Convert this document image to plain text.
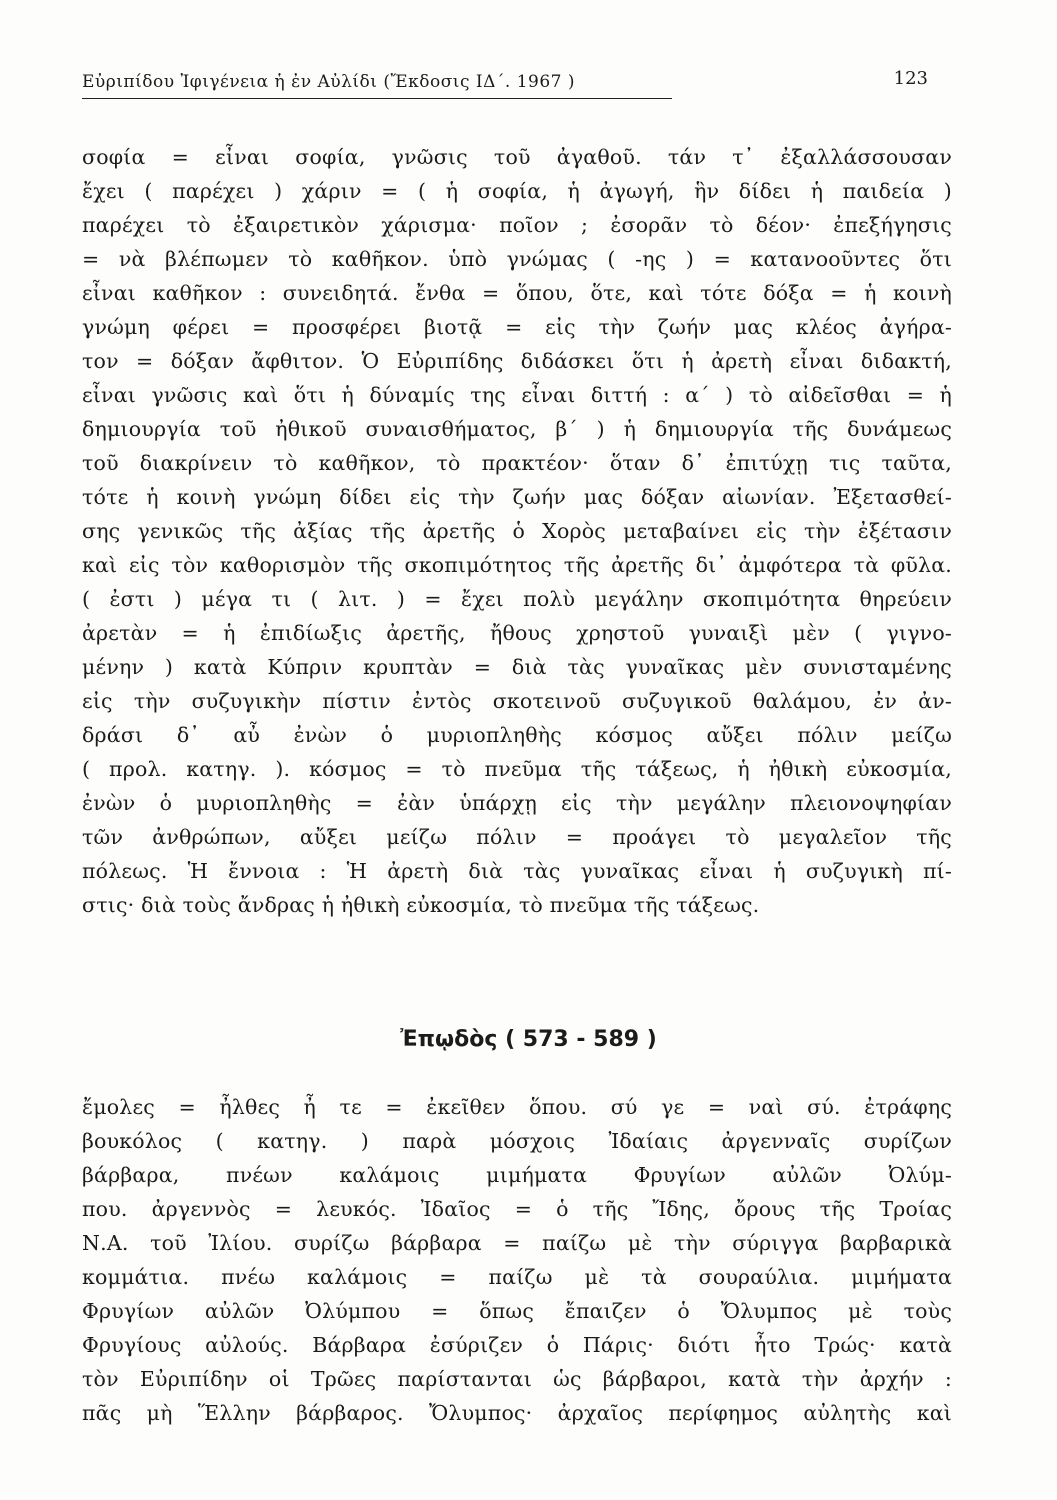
Εὐριπίδου Ἰφιγένεια ἡ ἐν Αὐλίδι (Ἔκδοσις ΙΔ΄. 1967 )	123
σοφία = εἶναι σοφία, γνῶσις τοῦ ἀγαθοῦ. τάν τ᾿ ἐξαλλάσσουσαν
ἔχει ( παρέχει ) χάριν = ( ἡ σοφία, ἡ ἀγωγή, ἣν δίδει ἡ παιδεία )
παρέχει τὸ ἐξαιρετικὸν χάρισμα· ποῖον ; ἐσορᾶν τὸ δέον· ἐπεξήγησις
= νὰ βλέπωμεν τὸ καθῆκον. ὑπὸ γνώμας ( -ης ) = κατανοοῦντες ὅτι
εἶναι καθῆκον : συνειδητά. ἔνθα = ὅπου, ὅτε, καὶ τότε δόξα = ἡ κοινὴ
γνώμη φέρει = προσφέρει βιοτᾷ = εἰς τὴν ζωήν μας κλέος ἀγήρα-
τον = δόξαν ἄφθιτον. Ὁ Εὐριπίδης διδάσκει ὅτι ἡ ἀρετὴ εἶναι διδακτή,
εἶναι γνῶσις καὶ ὅτι ἡ δύναμίς της εἶναι διττή : α΄ ) τὸ αἰδεῖσθαι = ἡ
δημιουργία τοῦ ἠθικοῦ συναισθήματος, β΄ ) ἡ δημιουργία τῆς δυνάμεως
τοῦ διακρίνειν τὸ καθῆκον, τὸ πρακτέον· ὅταν δ᾿ ἐπιτύχῃ τις ταῦτα,
τότε ἡ κοινὴ γνώμη δίδει εἰς τὴν ζωήν μας δόξαν αἰωνίαν. Ἐξετασθεί-
σης γενικῶς τῆς ἀξίας τῆς ἀρετῆς ὁ Χορὸς μεταβαίνει εἰς τὴν ἐξέτασιν
καὶ εἰς τὸν καθορισμὸν τῆς σκοπιμότητος τῆς ἀρετῆς δι᾿ ἀμφότερα τὰ φῦλα.
( ἐστι ) μέγα τι ( λιτ. ) = ἔχει πολὺ μεγάλην σκοπιμότητα θηρεύειν
ἀρετὰν = ἡ ἐπιδίωξις ἀρετῆς, ἤθους χρηστοῦ γυναιξὶ μὲν ( γιγνο-
μένην ) κατὰ Κύπριν κρυπτὰν = διὰ τὰς γυναῖκας μὲν συνισταμένης
εἰς τὴν συζυγικὴν πίστιν ἐντὸς σκοτεινοῦ συζυγικοῦ θαλάμου, ἐν ἀν-
δράσι δ᾿ αὖ ἐνὼν ὁ μυριοπληθὴς κόσμος αὔξει πόλιν μείζω
( προλ. κατηγ. ). κόσμος = τὸ πνεῦμα τῆς τάξεως, ἡ ἠθικὴ εὐκοσμία,
ἐνὼν ὁ μυριοπληθὴς = ἐὰν ὑπάρχῃ εἰς τὴν μεγάλην πλειονοψηφίαν
τῶν ἀνθρώπων, αὔξει μείζω πόλιν = προάγει τὸ μεγαλεῖον τῆς
πόλεως. Ἡ ἔννοια : Ἡ ἀρετὴ διὰ τὰς γυναῖκας εἶναι ἡ συζυγικὴ πί-
στις· διὰ τοὺς ἄνδρας ἡ ἠθικὴ εὐκοσμία, τὸ πνεῦμα τῆς τάξεως.
Ἐπῳδὸς ( 573 - 589 )
ἔμολες = ἦλθες ἦ τε = ἐκεῖθεν ὅπου. σύ γε = ναὶ σύ. ἐτράφης
βουκόλος ( κατηγ. ) παρὰ μόσχοις Ἰδαίαις ἀργενναῖς συρίζων
βάρβαρα, πνέων καλάμοις μιμήματα Φρυγίων αὐλῶν Ὀλύμ-
που. ἀργεννὸς = λευκός. Ἰδαῖος = ὁ τῆς Ἴδης, ὄρους τῆς Τροίας
Ν.Α. τοῦ Ἰλίου. συρίζω βάρβαρα = παίζω μὲ τὴν σύριγγα βαρβαρικὰ
κομμάτια. πνέω καλάμοις = παίζω μὲ τὰ σουραύλια. μιμήματα
Φρυγίων αὐλῶν Ὀλύμπου = ὅπως ἔπαιζεν ὁ Ὄλυμπος μὲ τοὺς
Φρυγίους αὐλούς. Βάρβαρα ἐσύριζεν ὁ Πάρις· διότι ἦτο Τρώς· κατὰ
τὸν Εὐριπίδην οἱ Τρῶες παρίστανται ὡς βάρβαροι, κατὰ τὴν ἀρχήν :
πᾶς μὴ Ἕλλην βάρβαρος. Ὄλυμπος· ἀρχαῖος περίφημος αὐλητὴς καὶ
